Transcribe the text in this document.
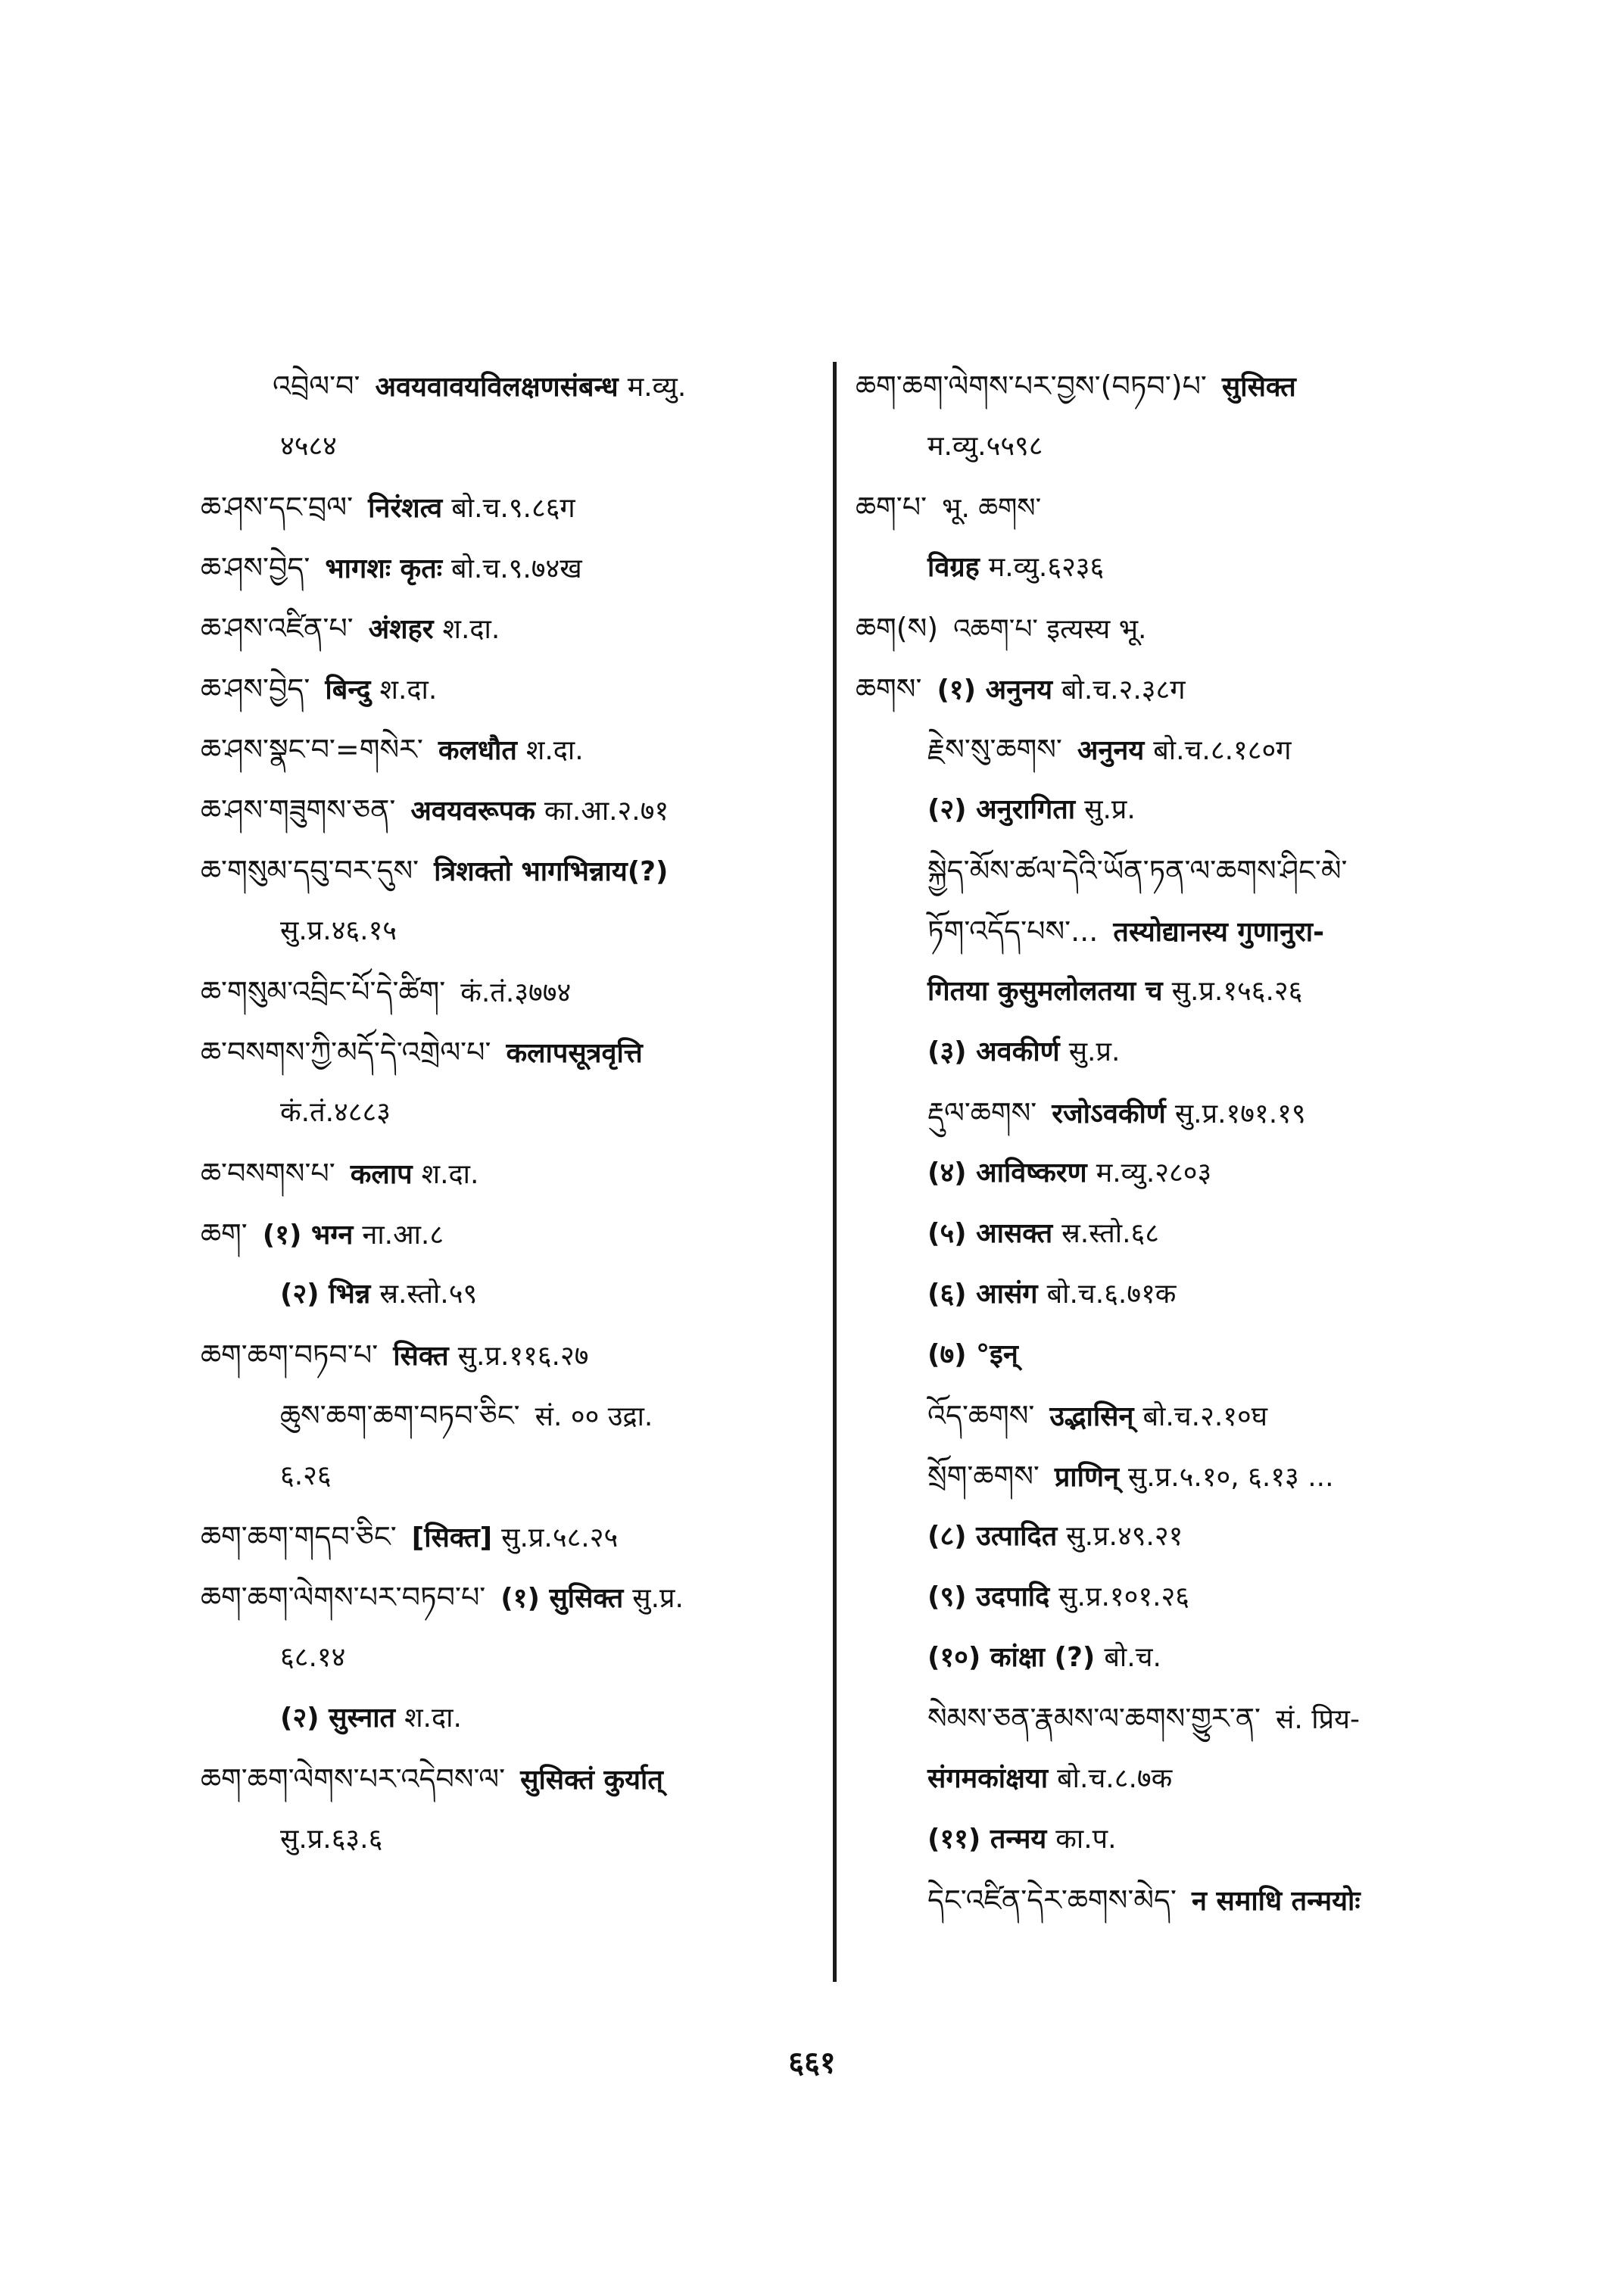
འབྲེལ་བ་ अवयवावयविलक्षणसंबन्ध म.व्यु.
४५८४
ཆ་ཤས་དང་བྲལ་ निरंशत्व बो.च.९.८६ग
ཆ་ཤས་བྱེད་ भागशः कृतः बो.च.९.७४ख
ཆ་ཤས་འཛིན་པ་ अंशहर श.दा.
ཆ་ཤས་བྱེད་ बिन्दु श.दा.
ཆ་ཤས་སྣང་བ་=གསེར་ कलधौत श.दा.
ཆ་ཤས་གཟུགས་ཅན་ अवयवरूपक का.आ.२.७१
ཆ་གསུམ་དབུ་བར་དུས་ त्रिशक्तो भागभिन्नाय(?)
सु.प्र.४६.१५
ཆ་གསུམ་འབྲིང་པོ་དེ་ཚིག་ कं.तं.३७७४
ཆ་བསགས་ཀྱི་མདོ་དེ་འགྲེལ་པ་ कलापसूत्रवृत्ति
कं.तं.४८८३
ཆ་བསགས་པ་ कलाप श.दा.
ཆག་ (१) भग्न ना.आ.८
(२) भिन्न स्र.स्तो.५९
ཆག་ཆག་བཏབ་པ་ सिक्त सु.प्र.११६.२७
ཆུས་ཆག་ཆག་བཏབ་ཅིང་ सं. ०० उद्रा.
६.२६
ཆག་ཆག་གདབ་ཅིང་ [सिक्त] सु.प्र.५८.२५
ཆག་ཆག་ལེགས་པར་བཏབ་པ་ (१) सुसिक्त सु.प्र.
६८.१४
(२) सुस्नात श.दा.
ཆག་ཆག་ལེགས་པར་འདེབས་ལ་ सुसिक्तं कुर्यात्
सु.प्र.६३.६
ཆག་ཆག་ལེགས་པར་བྱས་(བཏབ་)པ་ सुसिक्त
म.व्यु.५५९८
ཆག་པ་ भू. ཆགས་
विग्रह म.व्यु.६२३६
ཆག(ས) འཆག་པ་ इत्यस्य भू.
ཆགས་ (१) अनुनय बो.च.२.३८ग
རྗེས་སུ་ཆགས་ अनुनय बो.च.८.१८०ग
(२) अनुरागिता सु.प्र.
སྐྱེད་མོས་ཚལ་དེའི་ཡོན་ཏན་ལ་ཆགས་ཤིང་མེ་
ཏོག་འདོད་པས་... तस्योद्यानस्य गुणानुरा-
गितया कुसुमलोलतया च सु.प्र.१५६.२६
(३) अवकीर्ण सु.प्र.
རྡུལ་ཆགས་ रजोऽवकीर्ण सु.प्र.१७१.१९
(४) आविष्करण म.व्यु.२८०३
(५) आसक्त स्र.स्तो.६८
(६) आसंग बो.च.६.७१क
(७) °इन्
འོད་ཆགས་ उद्भासिन् बो.च.२.१०घ
སྲོག་ཆགས་ प्राणिन् सु.प्र.५.१०, ६.१३ ...
(८) उत्पादित सु.प्र.४९.२१
(९) उदपादि सु.प्र.१०१.२६
(१०) कांक्षा (?) बो.च.
སེམས་ཅན་རྣམས་ལ་ཆགས་གྱུར་ན་ सं. प्रिय-
संगमकांक्षया बो.च.८.७क
(११) तन्मय का.प.
དེང་འཛིན་དེར་ཆགས་མེད་ न समाधि तन्मयोः
६६१
